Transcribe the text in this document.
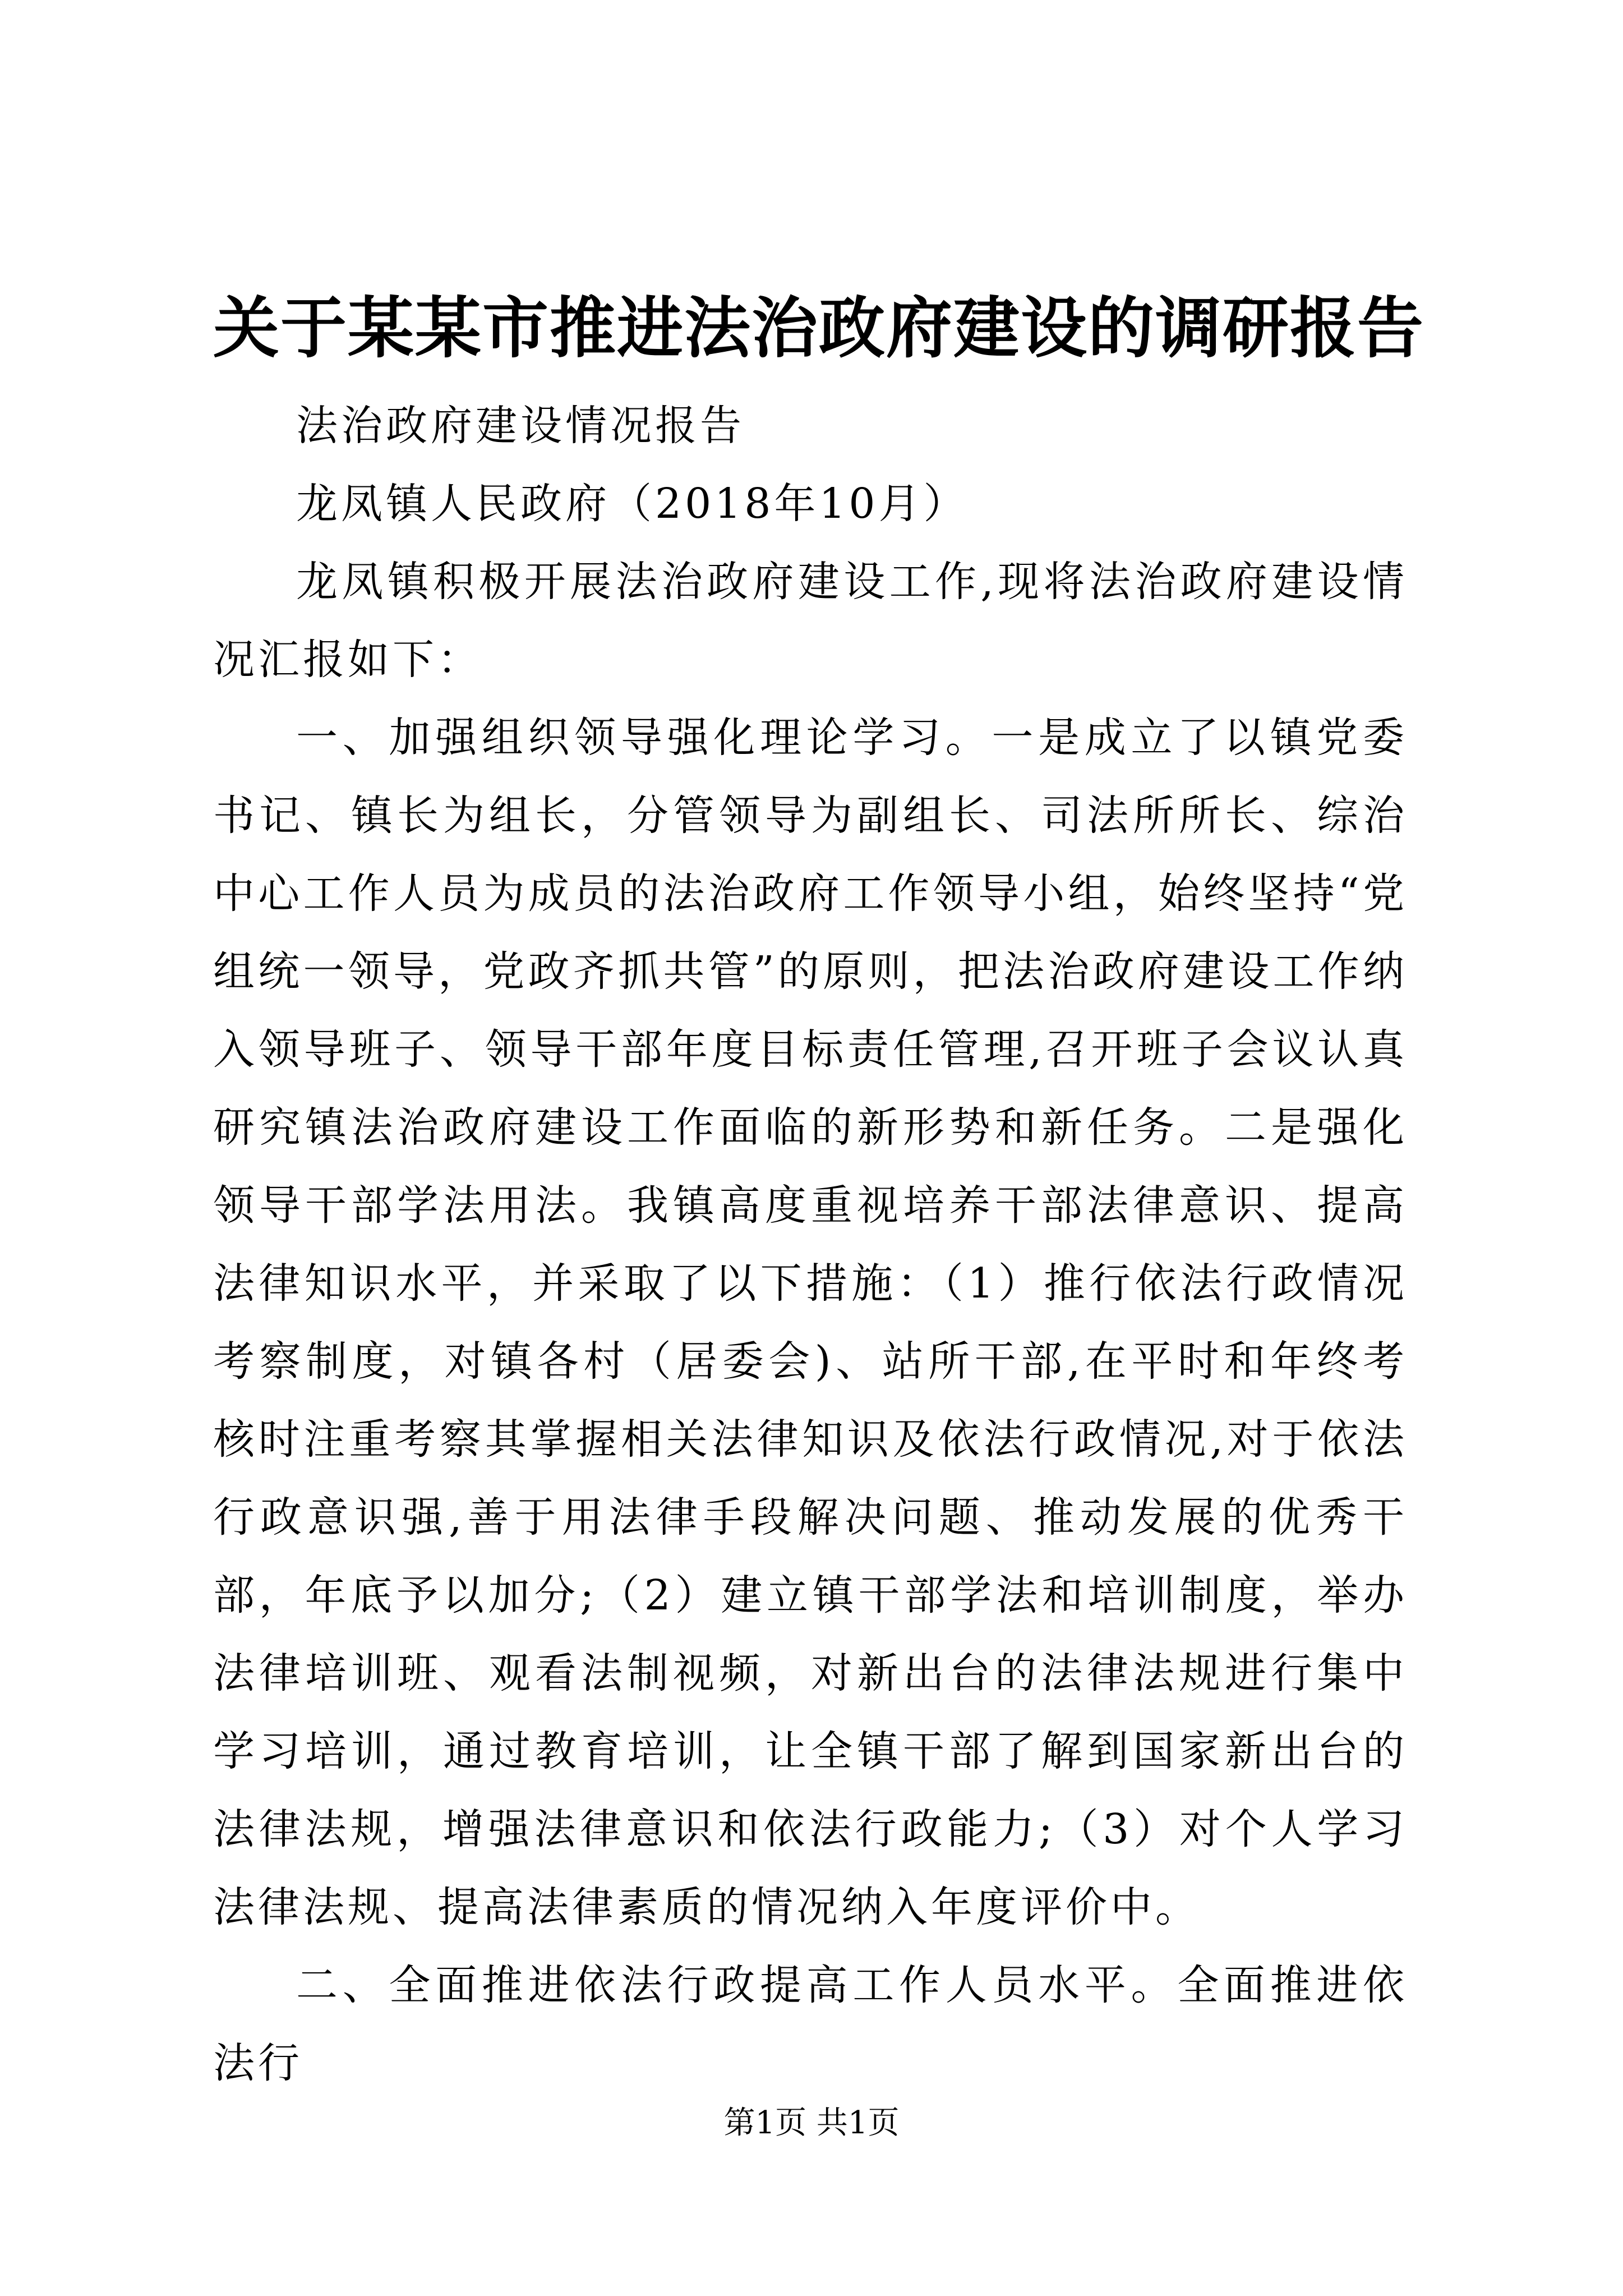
关于某某市推进法治政府建设的调研报告

法治政府建设情况报告

龙凤镇人民政府（2018年10月）

龙凤镇积极开展法治政府建设工作,现将法治政府建设情况汇报如下：

一、加强组织领导强化理论学习。一是成立了以镇党委书记、镇长为组长，分管领导为副组长、司法所所长、综治中心工作人员为成员的法治政府工作领导小组，始终坚持“党组统一领导，党政齐抓共管”的原则，把法治政府建设工作纳入领导班子、领导干部年度目标责任管理,召开班子会议认真研究镇法治政府建设工作面临的新形势和新任务。二是强化领导干部学法用法。我镇高度重视培养干部法律意识、提高法律知识水平，并采取了以下措施：（1）推行依法行政情况考察制度，对镇各村（居委会)、站所干部,在平时和年终考核时注重考察其掌握相关法律知识及依法行政情况,对于依法行政意识强,善于用法律手段解决问题、推动发展的优秀干部，年底予以加分;（2）建立镇干部学法和培训制度，举办法律培训班、观看法制视频，对新出台的法律法规进行集中学习培训，通过教育培训，让全镇干部了解到国家新出台的法律法规，增强法律意识和依法行政能力;（3）对个人学习法律法规、提高法律素质的情况纳入年度评价中。

二、全面推进依法行政提高工作人员水平。全面推进依法行

第1页 共1页
